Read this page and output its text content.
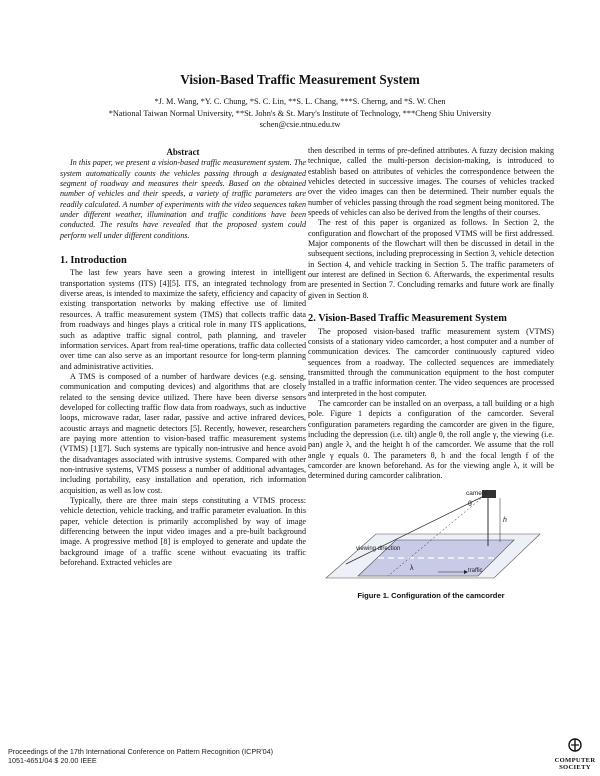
Vision-Based Traffic Measurement System
*J. M. Wang, *Y. C. Chung, *S. C. Lin, **S. L. Chang, ***S. Cherng, and *S. W. Chen
*National Taiwan Normal University, **St. John's & St. Mary's Institute of Technology, ***Cheng Shiu University
schen@csie.ntnu.edu.tw
Abstract

In this paper, we present a vision-based traffic measurement system. The system automatically counts the vehicles passing through a designated segment of roadway and measures their speeds. Based on the obtained number of vehicles and their speeds, a variety of traffic parameters are readily calculated. A number of experiments with the video sequences taken under different weather, illumination and traffic conditions have been conducted. The results have revealed that the proposed system could perform well under different conditions.

1. Introduction

The last few years have seen a growing interest in intelligent transportation systems (ITS) [4][5]. ITS, an integrated technology from diverse areas, is intended to maximize the safety, efficiency and capacity of existing transportation networks by making effective use of limited resources. A traffic measurement system (TMS) that collects traffic data from roadways and hinges plays a critical role in many ITS applications, such as adaptive traffic signal control, path planning, and traveler information services. Apart from real-time operations, traffic data collected over time can also serve as an important resource for long-term planning and administrative activities.

A TMS is composed of a number of hardware devices (e.g. sensing, communication and computing devices) and algorithms that are closely related to the sensing device utilized. There have been diverse sensors developed for collecting traffic flow data from roadways, such as inductive loops, microwave radar, laser radar, passive and active infrared devices, acoustic arrays and magnetic detectors [5]. Recently, however, researchers are paying more attention to vision-based traffic measurement systems (VTMS) [1][7]. Such systems are typically non-intrusive and hence avoid the disadvantages associated with intrusive systems. Compared with other non-intrusive systems, VTMS possess a number of additional advantages, including portability, easy installation and operation, rich information acquisition, as well as low cost.

Typically, there are three main steps constituting a VTMS process: vehicle detection, vehicle tracking, and traffic parameter evaluation. In this paper, vehicle detection is primarily accomplished by way of image differencing between the input video images and a pre-built background image. A progressive method [8] is employed to generate and update the background image of a traffic scene without evacuating its traffic beforehand. Extracted vehicles are

then described in terms of pre-defined attributes. A fuzzy decision making technique, called the multi-person decision-making, is introduced to establish based on attributes of vehicles the correspondence between the vehicles detected in successive images. The courses of vehicles tracked over the video images can then be determined. Their number equals the number of vehicles passing through the road segment being monitored. The speeds of vehicles can also be derived from the lengths of their courses.

The rest of this paper is organized as follows. In Section 2, the configuration and flowchart of the proposed VTMS will be first addressed. Major components of the flowchart will then be discussed in detail in the subsequent sections, including preprocessing in Section 3, vehicle detection in Section 4, and vehicle tracking in Section 5. The traffic parameters of our interest are defined in Section 6. Afterwards, the experimental results are presented in Section 7. Concluding remarks and future work are finally given in Section 8.

2. Vision-Based Traffic Measurement System

The proposed vision-based traffic measurement system (VTMS) consists of a stationary video camcorder, a host computer and a number of communication devices. The camcorder continuously captured video sequences from a roadway. The collected sequences are immediately transmitted through the communication equipment to the host computer installed in a traffic information center. The video sequences are processed and interpreted in the host computer.

The camcorder can be installed on an overpass, a tall building or a high pole. Figure 1 depicts a configuration of the camcorder. Several configuration parameters regarding the camcorder are given in the figure, including the depression (i.e. tilt) angle θ, the roll angle γ, the viewing (i.e. pan) angle λ, and the height h of the camcorder. We assume that the roll angle γ equals 0. The parameters θ, h and the focal length f of the camcorder are known beforehand. As for the viewing angle λ, it will be determined during camcorder calibration.

camera
h
θ
λ
viewing direction
traffic
Figure 1. Configuration of the camcorder
Proceedings of the 17th International Conference on Pattern Recognition (ICPR'04)
1051-4651/04 $ 20.00 IEEE	COMPUTER
SOCIETY
